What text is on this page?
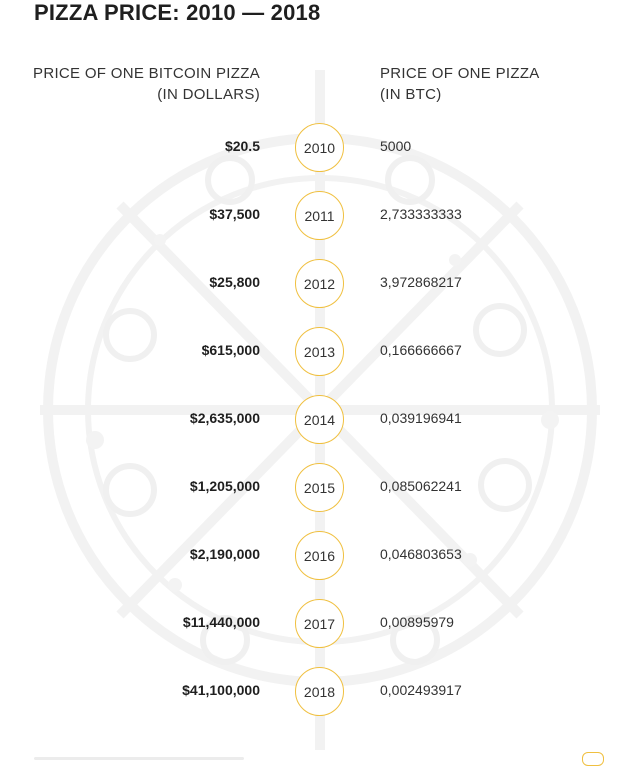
PIZZA PRICE: 2010 — 2018
PRICE OF ONE BITCOIN PIZZA
(IN DOLLARS)
PRICE OF ONE PIZZA
(IN BTC)
$20.5	2010	5000
$37,500	2011	2,733333333
$25,800	2012	3,972868217
$615,000	2013	0,166666667
$2,635,000	2014	0,039196941
$1,205,000	2015	0,085062241
$2,190,000	2016	0,046803653
$11,440,000	2017	0,00895979
$41,100,000	2018	0,002493917
